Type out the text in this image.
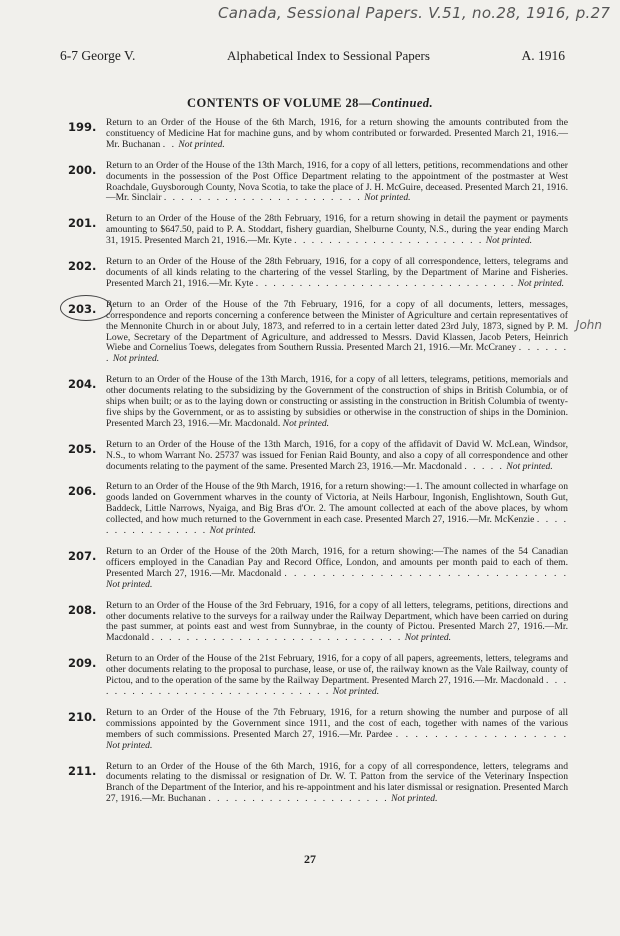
Canada, Sessional Papers. V.51, no.28, 1916, p.27
6-7 George V.	Alphabetical Index to Sessional Papers	A. 1916
CONTENTS OF VOLUME 28—Continued.
199. Return to an Order of the House of the 6th March, 1916, for a return showing the amounts contributed from the constituency of Medicine Hat for machine guns, and by whom contributed or forwarded. Presented March 21, 1916.—Mr. Buchanan . . Not printed.
200. Return to an Order of the House of the 13th March, 1916, for a copy of all letters, petitions, recommendations and other documents in the possession of the Post Office Department relating to the appointment of the postmaster at West Roachdale, Guysborough County, Nova Scotia, to take the place of J. H. McGuire, deceased. Presented March 21, 1916.—Mr. Sinclair . . . . . . . . . . . . . . . . . . . . . . . Not printed.
201. Return to an Order of the House of the 28th February, 1916, for a return showing in detail the payment or payments amounting to $647.50, paid to P. A. Stoddart, fishery guardian, Shelburne County, N.S., during the year ending March 31, 1915. Presented March 21, 1916.—Mr. Kyte . . . . . . . . . . . . . . . . . . . . . . Not printed.
202. Return to an Order of the House of the 28th February, 1916, for a copy of all correspondence, letters, telegrams and documents of all kinds relating to the chartering of the vessel Starling, by the Department of Marine and Fisheries. Presented March 21, 1916.—Mr. Kyte . . . . . . . . . . . . . . . . . . . . . . . . . . . . . . Not printed.
John
203. Return to an Order of the House of the 7th February, 1916, for a copy of all documents, letters, messages, correspondence and reports concerning a conference between the Minister of Agriculture and certain representatives of the Mennonite Church in or about July, 1873, and referred to in a certain letter dated 23rd July, 1873, signed by P. M. Lowe, Secretary of the Department of Agriculture, and addressed to Messrs. David Klassen, Jacob Peters, Heinrich Wiebe and Cornelius Toews, delegates from Southern Russia. Presented March 21, 1916.—Mr. McCraney . . . . . . . Not printed.
204. Return to an Order of the House of the 13th March, 1916, for a copy of all letters, telegrams, petitions, memorials and other documents relating to the subsidizing by the Government of the construction of ships in British Columbia, or of ships when built; or as to the laying down or constructing or assisting in the construction in British Columbia of twenty-five ships by the Government, or as to assisting by subsidies or otherwise in the construction of ships in the Dominion. Presented March 23, 1916.—Mr. Macdonald. Not printed.
205. Return to an Order of the House of the 13th March, 1916, for a copy of the affidavit of David W. McLean, Windsor, N.S., to whom Warrant No. 25737 was issued for Fenian Raid Bounty, and also a copy of all correspondence and other documents relating to the payment of the same. Presented March 23, 1916.—Mr. Macdonald . . . . . Not printed.
206. Return to an Order of the House of the 9th March, 1916, for a return showing:—1. The amount collected in wharfage on goods landed on Government wharves in the county of Victoria, at Neils Harbour, Ingonish, Englishtown, South Gut, Baddeck, Little Narrows, Nyaiga, and Big Bras d'Or. 2. The amount collected at each of the above places, by whom collected, and how much returned to the Government in each case. Presented March 27, 1916.—Mr. McKenzie . . . . . . . . . . . . . . . . Not printed.
207. Return to an Order of the House of the 20th March, 1916, for a return showing:—The names of the 54 Canadian officers employed in the Canadian Pay and Record Office, London, and amounts per month paid to each of them. Presented March 27, 1916.—Mr. Macdonald . . . . . . . . . . . . . . . . . . . . . . . . . . . . . . Not printed.
208. Return to an Order of the House of the 3rd February, 1916, for a copy of all letters, telegrams, petitions, directions and other documents relative to the surveys for a railway under the Railway Department, which have been carried on during the past summer, at points east and west from Sunnybrae, in the county of Pictou. Presented March 27, 1916.—Mr. Macdonald . . . . . . . . . . . . . . . . . . . . . . . . . . . . . Not printed.
209. Return to an Order of the House of the 21st February, 1916, for a copy of all papers, agreements, letters, telegrams and other documents relating to the proposal to purchase, lease, or use of, the railway known as the Vale Railway, county of Pictou, and to the operation of the same by the Railway Department. Presented March 27, 1916.—Mr. Macdonald . . . . . . . . . . . . . . . . . . . . . . . . . . . . . Not printed.
210. Return to an Order of the House of the 7th February, 1916, for a return showing the number and purpose of all commissions appointed by the Government since 1911, and the cost of each, together with names of the various members of such commissions. Presented March 27, 1916.—Mr. Pardee . . . . . . . . . . . . . . . . . . Not printed.
211. Return to an Order of the House of the 6th March, 1916, for a copy of all correspondence, letters, telegrams and documents relating to the dismissal or resignation of Dr. W. T. Patton from the service of the Veterinary Inspection Branch of the Department of the Interior, and his re-appointment and his later dismissal or resignation. Presented March 27, 1916.—Mr. Buchanan . . . . . . . . . . . . . . . . . . . . . Not printed.
27
